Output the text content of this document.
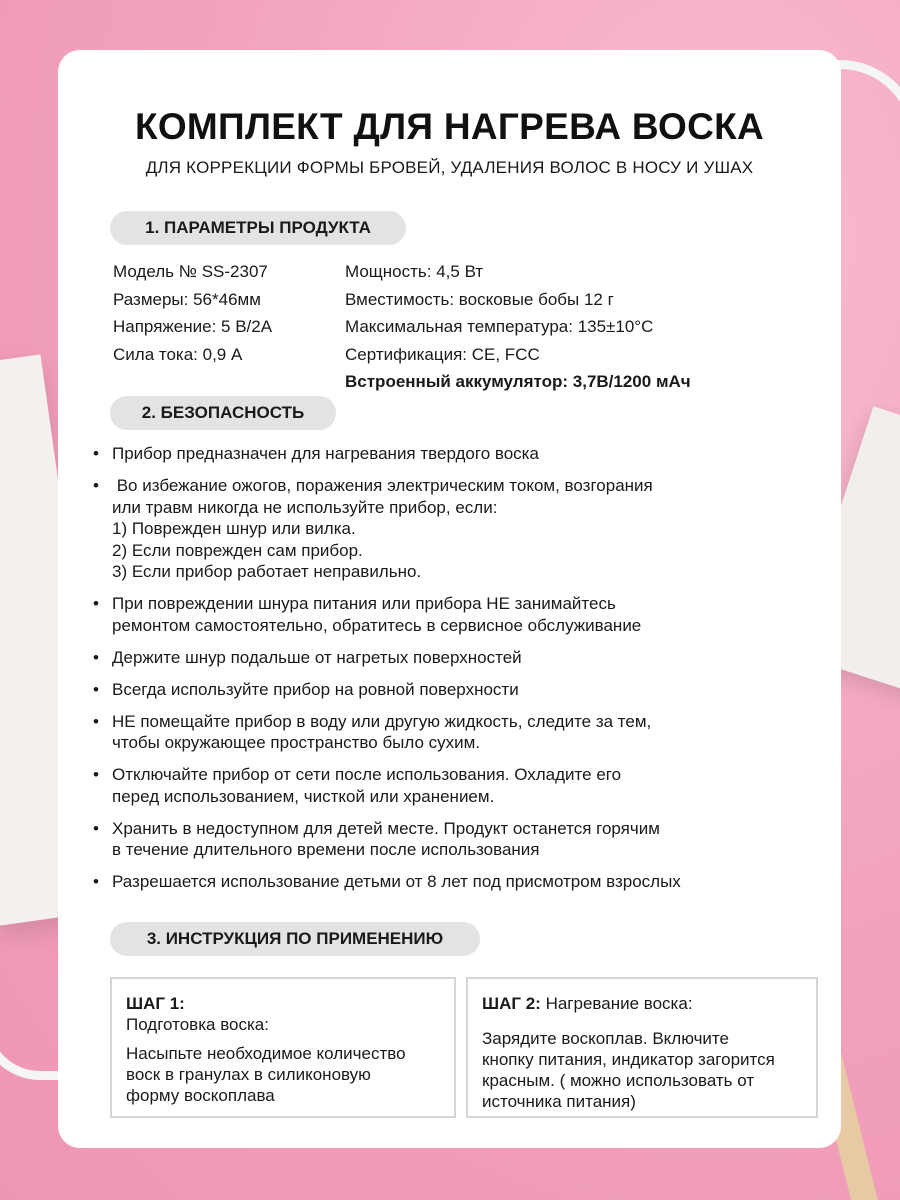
КОМПЛЕКТ ДЛЯ НАГРЕВА ВОСКА
ДЛЯ КОРРЕКЦИИ ФОРМЫ БРОВЕЙ, УДАЛЕНИЯ ВОЛОС В НОСУ И УШАХ
1. ПАРАМЕТРЫ ПРОДУКТА
Модель № SS-2307
Размеры: 56*46мм
Напряжение: 5 В/2А
Сила тока: 0,9 А
Мощность: 4,5 Вт
Вместимость: восковые бобы 12 г
Максимальная температура: 135±10°C
Сертификация: CE, FCC
Встроенный аккумулятор: 3,7В/1200 мАч
2. БЕЗОПАСНОСТЬ
• Прибор предназначен для нагревания твердого воска
• Во избежание ожогов, поражения электрическим током, возгорания
или травм никогда не используйте прибор, если:
1) Поврежден шнур или вилка.
2) Если поврежден сам прибор.
3) Если прибор работает неправильно.
• При повреждении шнура питания или прибора НЕ занимайтесь
ремонтом самостоятельно, обратитесь в сервисное обслуживание
• Держите шнур подальше от нагретых поверхностей
• Всегда используйте прибор на ровной поверхности
• НЕ помещайте прибор в воду или другую жидкость, следите за тем,
чтобы окружающее пространство было сухим.
• Отключайте прибор от сети после использования. Охладите его
перед использованием, чисткой или хранением.
• Хранить в недоступном для детей месте. Продукт останется горячим
в течение длительного времени после использования
• Разрешается использование детьми от 8 лет под присмотром взрослых
3. ИНСТРУКЦИЯ ПО ПРИМЕНЕНИЮ
ШАГ 1:
Подготовка воска:
Насыпьте необходимое количество
воск в гранулах в силиконовую
форму воскоплава
ШАГ 2: Нагревание воска:
Зарядите воскоплав. Включите
кнопку питания, индикатор загорится
красным. ( можно использовать от
источника питания)
